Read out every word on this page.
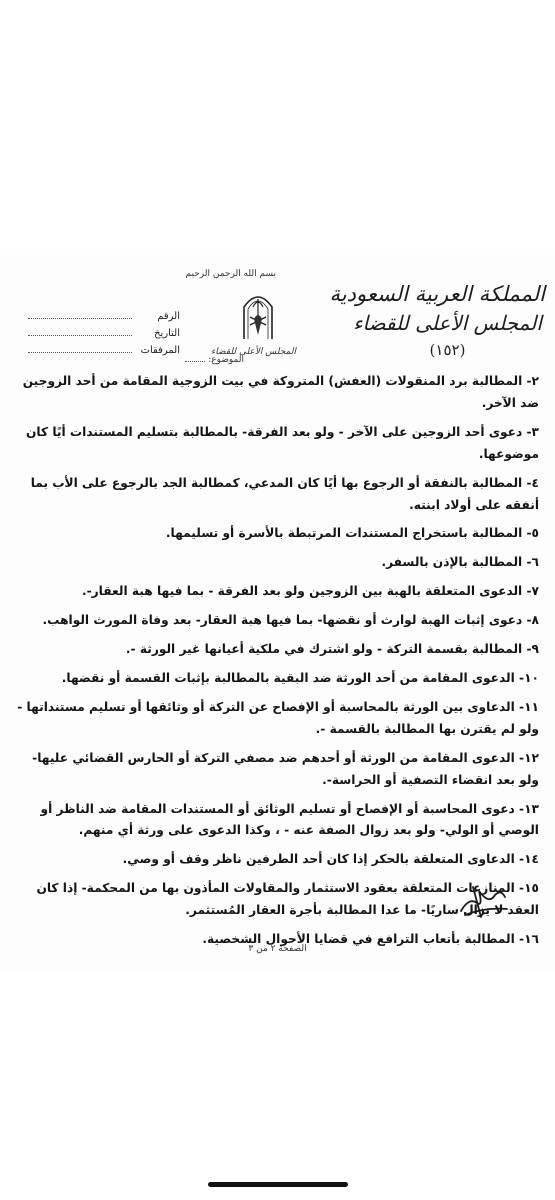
بسم الله الرحمن الرحيم
المجلس الأعلى للقضاء
المملكة العربية السعودية
المجلس الأعلى للقضاء
(١٥٢)
الرقم
التاريخ
المرفقات
الموضوع:

٢- المطالبة برد المنقولات (العفش) المتروكة في بيت الزوجية المقامة من أحد الزوجين ضد الآخر.

٣- دعوى أحد الزوجين على الآخر - ولو بعد الفرقة- بالمطالبة بتسليم المستندات أيًا كان موضوعها.

٤- المطالبة بالنفقة أو الرجوع بها أيًا كان المدعي، كمطالبة الجد بالرجوع على الأب بما أنفقه على أولاد ابنته.

٥- المطالبة باستخراج المستندات المرتبطة بالأسرة أو تسليمها.

٦- المطالبة بالإذن بالسفر.

٧- الدعوى المتعلقة بالهبة بين الزوجين ولو بعد الفرقة - بما فيها هبة العقار-.

٨- دعوى إثبات الهبة لوارث أو نقضها- بما فيها هبة العقار- بعد وفاة المورث الواهب.

٩- المطالبة بقسمة التركة - ولو اشترك في ملكية أعيانها غير الورثة -.

١٠- الدعوى المقامة من أحد الورثة ضد البقية بالمطالبة بإثبات القسمة أو نقضها.

١١- الدعاوى بين الورثة بالمحاسبة أو الإفصاح عن التركة أو وثائقها أو تسليم مستنداتها - ولو لم يقترن بها المطالبة بالقسمة -.

١٢- الدعوى المقامة من الورثة أو أحدهم ضد مصفي التركة أو الحارس القضائي عليها- ولو بعد انقضاء التصفية أو الحراسة-.

١٣- دعوى المحاسبة أو الإفصاح أو تسليم الوثائق أو المستندات المقامة ضد الناظر أو الوصي أو الولي- ولو بعد زوال الصفة عنه - ، وكذا الدعوى على ورثة أي منهم.

١٤- الدعاوى المتعلقة بالحكر إذا كان أحد الطرفين ناظر وقف أو وصي.

١٥- المنازعات المتعلقة بعقود الاستثمار والمقاولات المأذون بها من المحكمة- إذا كان العقد لا يزال ساريًا- ما عدا المطالبة بأجرة العقار المُستثمر.

١٦- المطالبة بأتعاب الترافع في قضايا الأحوال الشخصية.

الصفحة ٢ من ٣
